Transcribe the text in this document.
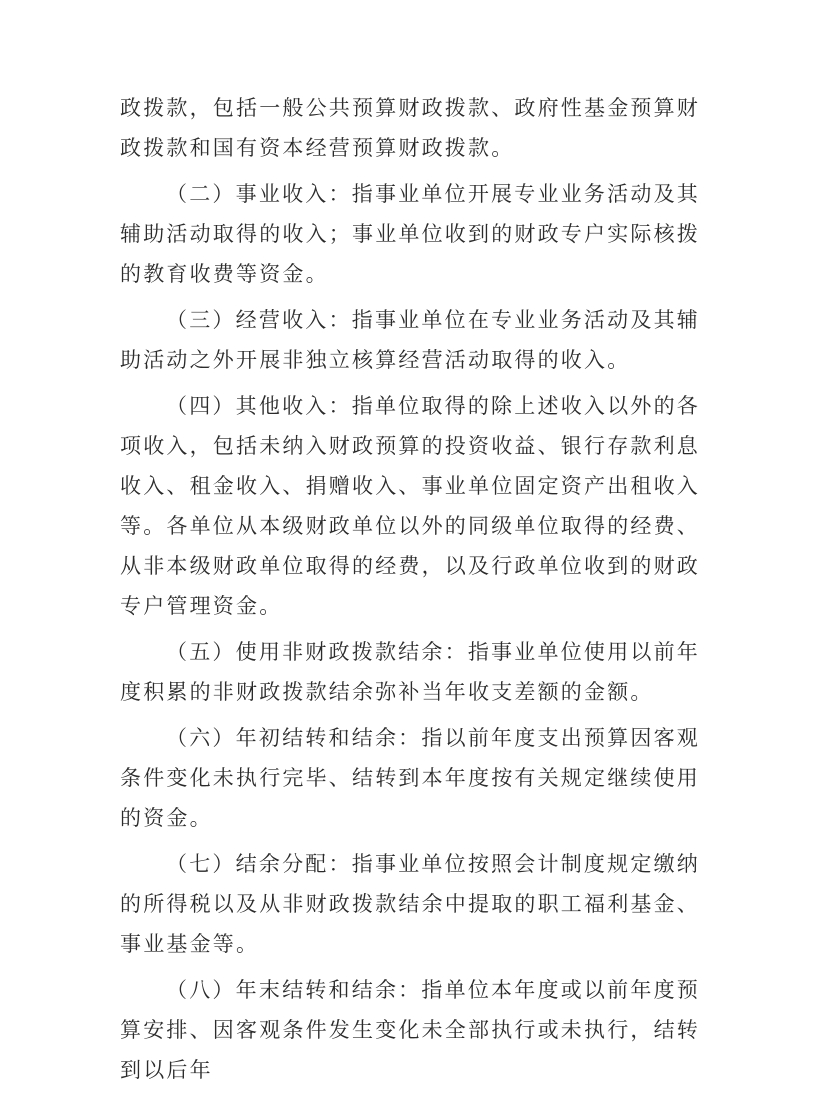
政拨款，包括一般公共预算财政拨款、政府性基金预算财政拨款和国有资本经营预算财政拨款。

（二）事业收入：指事业单位开展专业业务活动及其辅助活动取得的收入；事业单位收到的财政专户实际核拨的教育收费等资金。

（三）经营收入：指事业单位在专业业务活动及其辅助活动之外开展非独立核算经营活动取得的收入。

（四）其他收入：指单位取得的除上述收入以外的各项收入，包括未纳入财政预算的投资收益、银行存款利息收入、租金收入、捐赠收入、事业单位固定资产出租收入等。各单位从本级财政单位以外的同级单位取得的经费、从非本级财政单位取得的经费，以及行政单位收到的财政专户管理资金。

（五）使用非财政拨款结余：指事业单位使用以前年度积累的非财政拨款结余弥补当年收支差额的金额。

（六）年初结转和结余：指以前年度支出预算因客观条件变化未执行完毕、结转到本年度按有关规定继续使用的资金。

（七）结余分配：指事业单位按照会计制度规定缴纳的所得税以及从非财政拨款结余中提取的职工福利基金、事业基金等。

（八）年末结转和结余：指单位本年度或以前年度预算安排、因客观条件发生变化未全部执行或未执行，结转到以后年
